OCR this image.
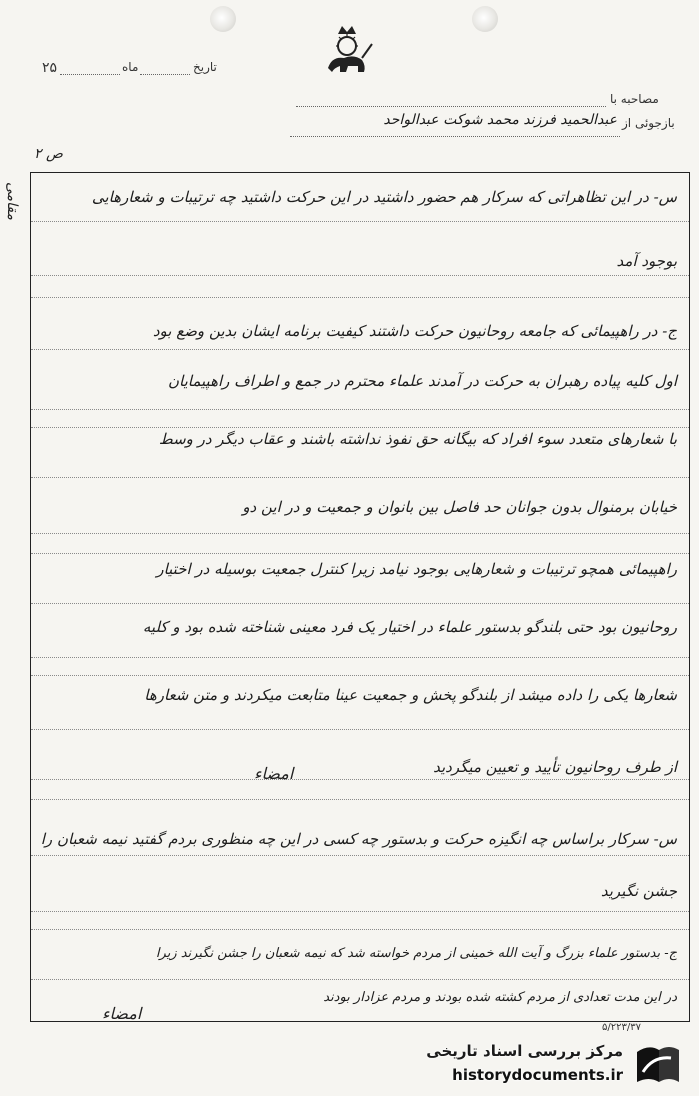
تاریخ
ماه
۲۵
مصاحبه با
بازجوئی از
عبدالحمید فرزند محمد شوکت عبدالواحد
ص ۲
مقامی	س- در این تظاهراتی که سرکار هم حضور داشتید در این حرکت داشتید چه ترتیبات و شعارهایی
بوجود آمد
ج- در راهپیمائی که جامعه روحانیون حرکت داشتند کیفیت برنامه ایشان بدین وضع بود
اول کلیه پیاده رهبران به حرکت در آمدند علماء محترم در جمع و اطراف راهپیمایان
با شعارهای متعدد سوء افراد که بیگانه حق نفوذ نداشته باشند و عقاب دیگر در وسط
خیابان برمنوال بدون جوانان حد فاصل بین بانوان و جمعیت و در این دو
راهپیمائی همچو ترتیبات و شعارهایی بوجود نیامد زیرا کنترل جمعیت بوسیله در اختیار
روحانیون بود حتی بلندگو بدستور علماء در اختیار یک فرد معینی شناخته شده بود و کلیه
شعارها یکی را داده میشد از بلندگو پخش و جمعیت عینا متابعت میکردند و متن شعارها
از طرف روحانیون تأیید و تعیین میگردید
س- سرکار براساس چه انگیزه حرکت و بدستور چه کسی در این چه منظوری بردم گفتید نیمه شعبان را
جشن نگیرید
ج- بدستور علماء بزرگ و آیت الله خمینی از مردم خواسته شد که نیمه شعبان را جشن نگیرند زیرا
در این مدت تعدادی از مردم کشته شده بودند و مردم عزادار بودند
امضاء
امضاء
۵/۲۲۳/۳۷
مرکز بررسی اسناد تاریخی
historydocuments.ir
